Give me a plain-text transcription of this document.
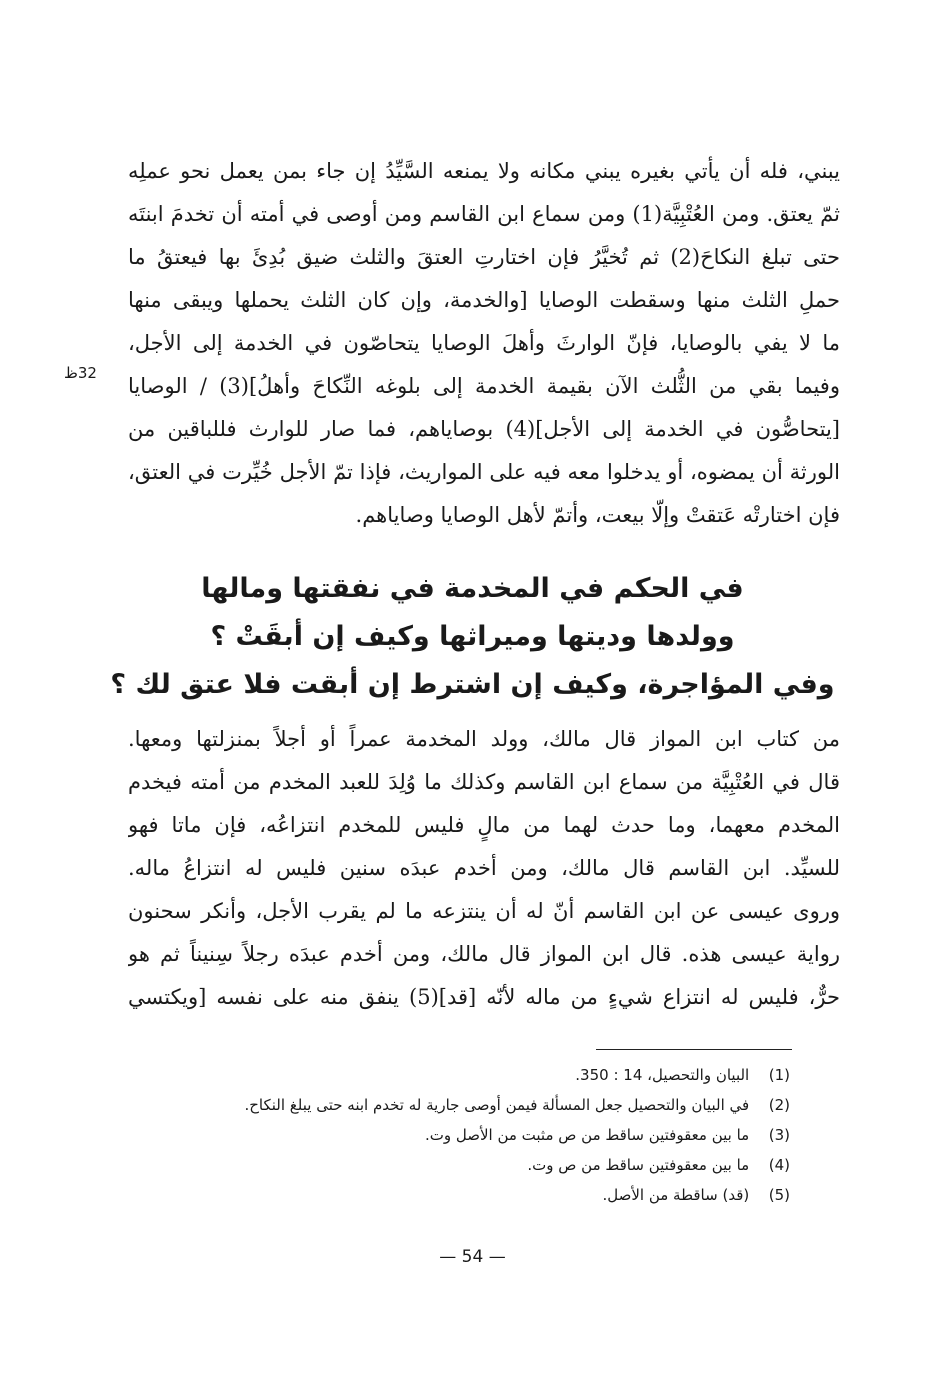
يبني، فله أن يأتي بغيره يبني مكانه ولا يمنعه السَّيِّدُ إن جاء بمن يعمل نحو عملِه
ثمّ يعتق. ومن العُتْبِيَّة(1) ومن سماع ابن القاسم ومن أوصى في أمته أن تخدمَ ابنتَه
حتى تبلغ النكاحَ(2) ثم تُخيَّرُ فإن اختارتِ العتقَ والثلث ضيق بُدِئَ بها فيعتقُ ما
حملِ الثلث منها وسقطت الوصايا [والخدمة، وإن كان الثلث يحملها ويبقى منها
ما لا يفي بالوصايا، فإنّ الوارثَ وأهلَ الوصايا يتحاصّون في الخدمة إلى الأجل،
وفيما بقي من الثُّلث الآن بقيمة الخدمة إلى بلوغه النِّكاحَ وأهلُ](3) / الوصايا
[يتحاصُّون في الخدمة إلى الأجل](4) بوصاياهم، فما صار للوارث فللباقين من
الورثة أن يمضوه، أو يدخلوا معه فيه على المواريث، فإذا تمّ الأجل خُيِّرت في العتق،
فإن اختارتْه عَتقتْ وإلّا بيعت، وأتمّ لأهل الوصايا وصاياهم.
32ظ
في الحكم في المخدمة في نفقتها ومالها
وولدها وديتها وميراثها وكيف إن أبقَتْ ؟
وفي المؤاجرة، وكيف إن اشترط إن أبقت فلا عتق لك ؟
من كتاب ابن المواز قال مالك، وولد المخدمة عمراً أو أجلاً بمنزلتها ومعها.
قال في العُتْبِيَّة من سماع ابن القاسم وكذلك ما وُلِدَ للعبد المخدم من أمته فيخدم
المخدم معهما، وما حدث لهما من مالٍ فليس للمخدم انتزاعُه، فإن ماتا فهو
للسيِّد. ابن القاسم قال مالك، ومن أخدم عبدَه سنين فليس له انتزاعُ ماله.
وروى عيسى عن ابن القاسم أنّ له أن ينتزعه ما لم يقرب الأجل، وأنكر سحنون
رواية عيسى هذه. قال ابن المواز قال مالك، ومن أخدم عبدَه رجلاً سِنيناً ثم هو
حرٌّ، فليس له انتزاع شيءٍ من ماله لأنّه [قد](5) ينفق منه على نفسه [ويكتسي
(1) البيان والتحصيل، 14 : 350.
(2) في البيان والتحصيل جعل المسألة فيمن أوصى جارية له تخدم ابنه حتى يبلغ النكاح.
(3) ما بين معقوفتين ساقط من ص مثبت من الأصل وت.
(4) ما بين معقوفتين ساقط من ص وت.
(5) (قد) ساقطة من الأصل.
— 54 —
